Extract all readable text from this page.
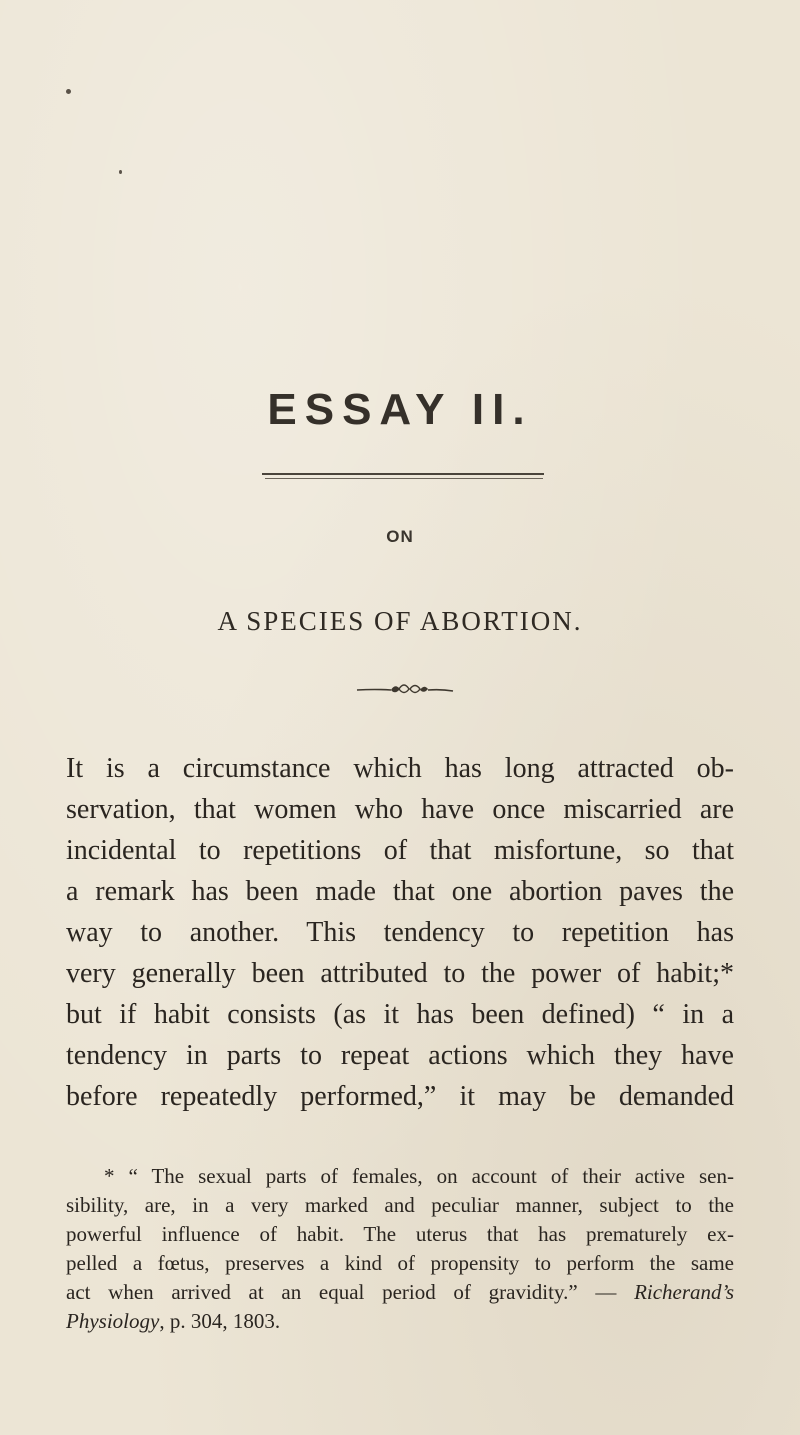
ESSAY II.
ON
A SPECIES OF ABORTION.
It is a circumstance which has long attracted ob-
servation, that women who have once miscarried are
incidental to repetitions of that misfortune, so that
a remark has been made that one abortion paves the
way to another. This tendency to repetition has
very generally been attributed to the power of habit;*
but if habit consists (as it has been defined) “ in a
tendency in parts to repeat actions which they have
before repeatedly performed,” it may be demanded
* “ The sexual parts of females, on account of their active sen-
sibility, are, in a very marked and peculiar manner, subject to the
powerful influence of habit. The uterus that has prematurely ex-
pelled a fœtus, preserves a kind of propensity to perform the same
act when arrived at an equal period of gravidity.” — Richerand’s
Physiology, p. 304, 1803.
